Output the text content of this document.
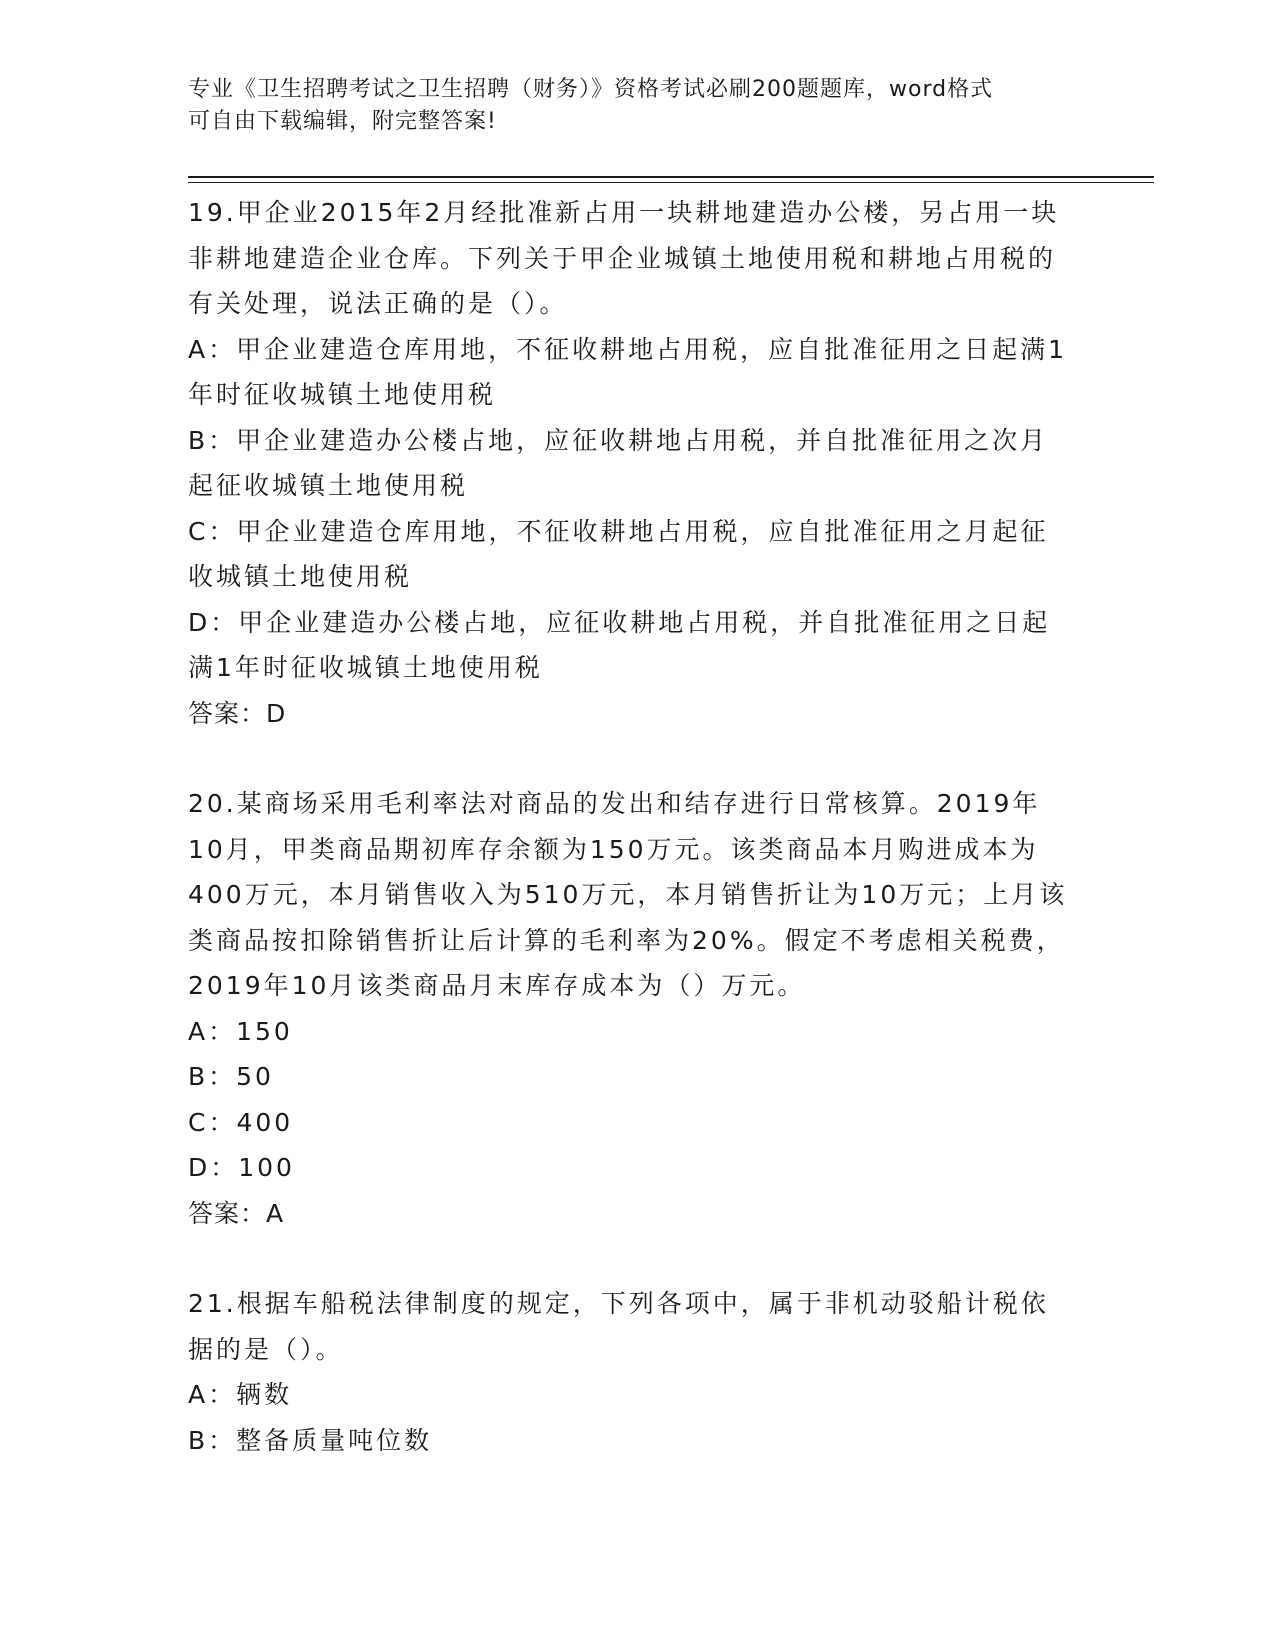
专业《卫生招聘考试之卫生招聘（财务）》资格考试必刷200题题库，word格式
可自由下载编辑，附完整答案!

19.甲企业2015年2月经批准新占用一块耕地建造办公楼，另占用一块非耕地建造企业仓库。下列关于甲企业城镇土地使用税和耕地占用税的有关处理，说法正确的是（）。

A：甲企业建造仓库用地，不征收耕地占用税，应自批准征用之日起满1年时征收城镇土地使用税

B：甲企业建造办公楼占地，应征收耕地占用税，并自批准征用之次月起征收城镇土地使用税

C：甲企业建造仓库用地，不征收耕地占用税，应自批准征用之月起征收城镇土地使用税

D：甲企业建造办公楼占地，应征收耕地占用税，并自批准征用之日起满1年时征收城镇土地使用税

答案：D

20.某商场采用毛利率法对商品的发出和结存进行日常核算。2019年10月，甲类商品期初库存余额为150万元。该类商品本月购进成本为400万元，本月销售收入为510万元，本月销售折让为10万元；上月该类商品按扣除销售折让后计算的毛利率为20%。假定不考虑相关税费，2019年10月该类商品月末库存成本为（）万元。

A：150

B：50

C：400

D：100

答案：A

21.根据车船税法律制度的规定，下列各项中，属于非机动驳船计税依据的是（）。

A：辆数

B：整备质量吨位数
